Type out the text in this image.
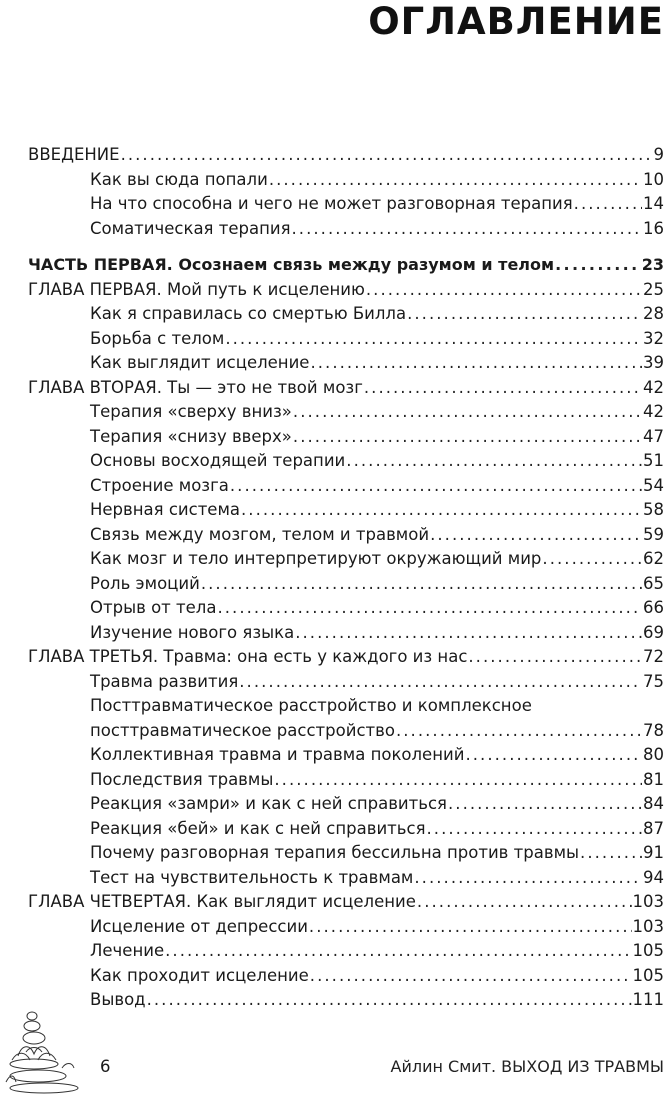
ОГЛАВЛЕНИЕ
ВВЕДЕНИЕ . . .	9
Как вы сюда попали . . .	10
На что способна и чего не может разговорная терапия . . .	14
Соматическая терапия . . .	16
ЧАСТЬ ПЕРВАЯ. Осознаем связь между разумом и телом . . .	23
ГЛАВА ПЕРВАЯ. Мой путь к исцелению . . .	25
Как я справилась со смертью Билла . . .	28
Борьба с телом . . .	32
Как выглядит исцеление . . .	39
ГЛАВА ВТОРАЯ. Ты — это не твой мозг . . .	42
Терапия «сверху вниз» . . .	42
Терапия «снизу вверх» . . .	47
Основы восходящей терапии . . .	51
Строение мозга . . .	54
Нервная система . . .	58
Связь между мозгом, телом и травмой . . .	59
Как мозг и тело интерпретируют окружающий мир . . .	62
Роль эмоций . . .	65
Отрыв от тела . . .	66
Изучение нового языка . . .	69
ГЛАВА ТРЕТЬЯ. Травма: она есть у каждого из нас . . .	72
Травма развития . . .	75
Посттравматическое расстройство и комплексное
посттравматическое расстройство . . .	78
Коллективная травма и травма поколений . . .	80
Последствия травмы . . .	81
Реакция «замри» и как с ней справиться . . .	84
Реакция «бей» и как с ней справиться . . .	87
Почему разговорная терапия бессильна против травмы . . .	91
Тест на чувствительность к травмам . . .	94
ГЛАВА ЧЕТВЕРТАЯ. Как выглядит исцеление . . .	103
Исцеление от депрессии . . .	103
Лечение . . .	105
Как проходит исцеление . . .	105
Вывод . . .	111
6	Айлин Смит. ВЫХОД ИЗ ТРАВМЫ
